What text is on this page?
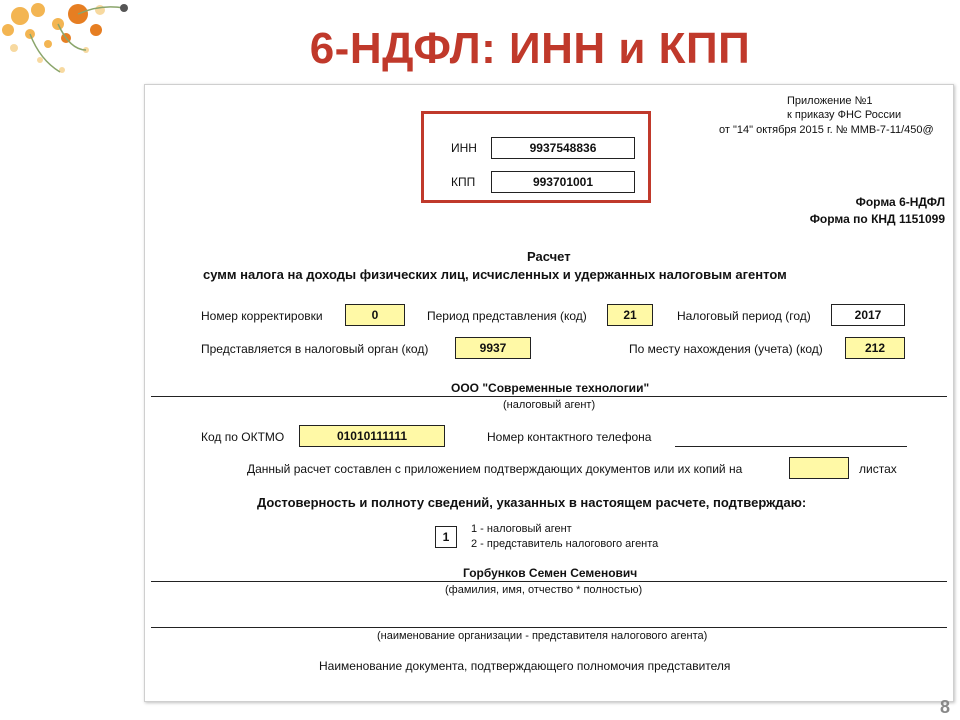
6-НДФЛ: ИНН и КПП
Приложение №1
к приказу ФНС России
от "14" октября 2015 г. № ММВ-7-11/450@
ИНН	9937548836
КПП	993701001
Форма 6-НДФЛ
Форма по КНД 1151099
Расчет
сумм налога на доходы физических лиц, исчисленных и удержанных налоговым агентом
Номер корректировки	0	Период представления (код)	21	Налоговый период (год)	2017
Представляется в налоговый орган (код)	9937	По месту нахождения (учета) (код)	212
ООО "Современные технологии"
(налоговый агент)
Код по ОКТМО	01010111111	Номер контактного телефона
Данный расчет составлен с приложением подтверждающих документов или их копий на	листах
Достоверность и полноту сведений, указанных в настоящем расчете, подтверждаю:
1
1 - налоговый агент
2 - представитель налогового агента
Горбунков Семен Семенович
(фамилия, имя, отчество * полностью)
(наименование организации - представителя налогового агента)
Наименование документа, подтверждающего полномочия представителя
8
